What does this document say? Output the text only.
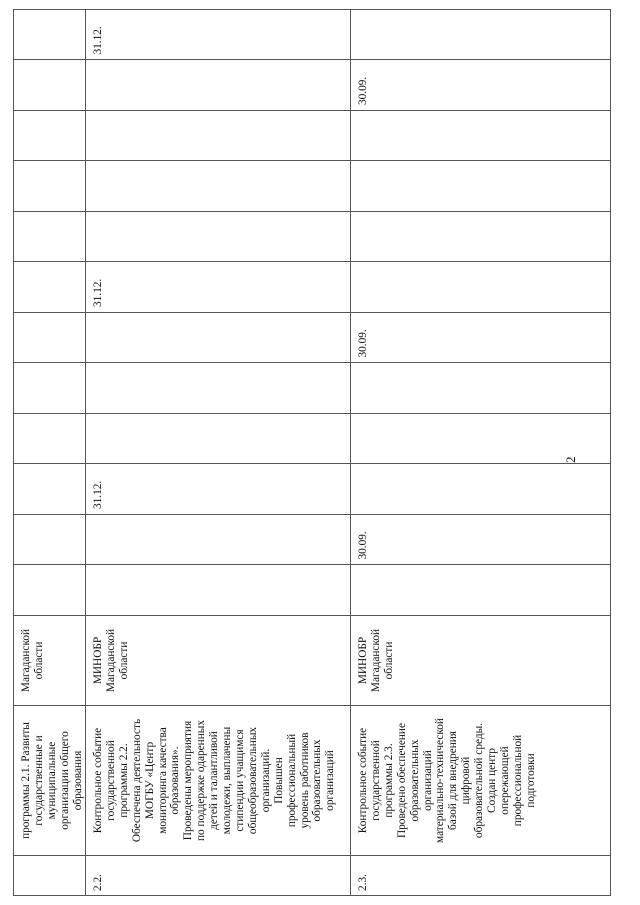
2
программы 2.1. Развиты
государственные и
муниципальные
организации общего
образования
Магаданской
области
2.2.
Контрольное событие
государственной
программы 2.2.
Обеспечена деятельность
МОГБУ «Центр
мониторинга качества
образования».
Проведены мероприятия
по поддержке одаренных
детей и талантливой
молодежи, выплачены
стипендии учащимся
общеобразовательных
организаций.
Повышен
профессиональный
уровень работников
образовательных
организаций
МИНОБР
Магаданской
области
31.12.
31.12.
31.12.
2.3.
Контрольное событие
государственной
программы 2.3.
Проведено обеспечение
образовательных
организаций
материально-технической
базой для внедрения
цифровой
образовательной среды.
Создан центр
опережающей
профессиональной
подготовки
МИНОБР
Магаданской
области
30.09.
30.09.
30.09.
